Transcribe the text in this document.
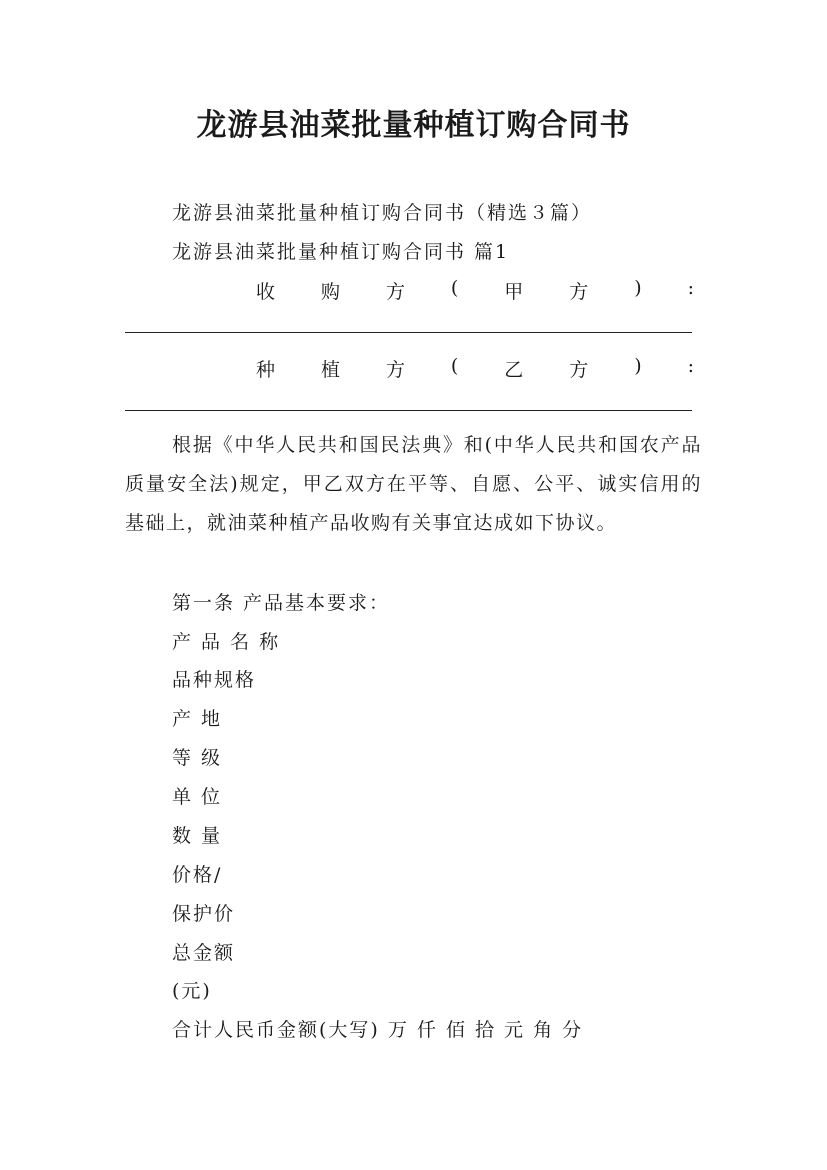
龙游县油菜批量种植订购合同书
龙游县油菜批量种植订购合同书（精选３篇）
龙游县油菜批量种植订购合同书 篇1
收 购 方 ( 甲 方 ) :
种 植 方 ( 乙 方 ) :

根据《中华人民共和国民法典》和(中华人民共和国农产品质量安全法)规定，甲乙双方在平等、自愿、公平、诚实信用的基础上，就油菜种植产品收购有关事宜达成如下协议。

第一条 产品基本要求：
产 品 名 称
品种规格
产 地
等 级
单 位
数 量
价格/
保护价
总金额
(元)
合计人民币金额(大写) 万 仟 佰 拾 元 角 分
